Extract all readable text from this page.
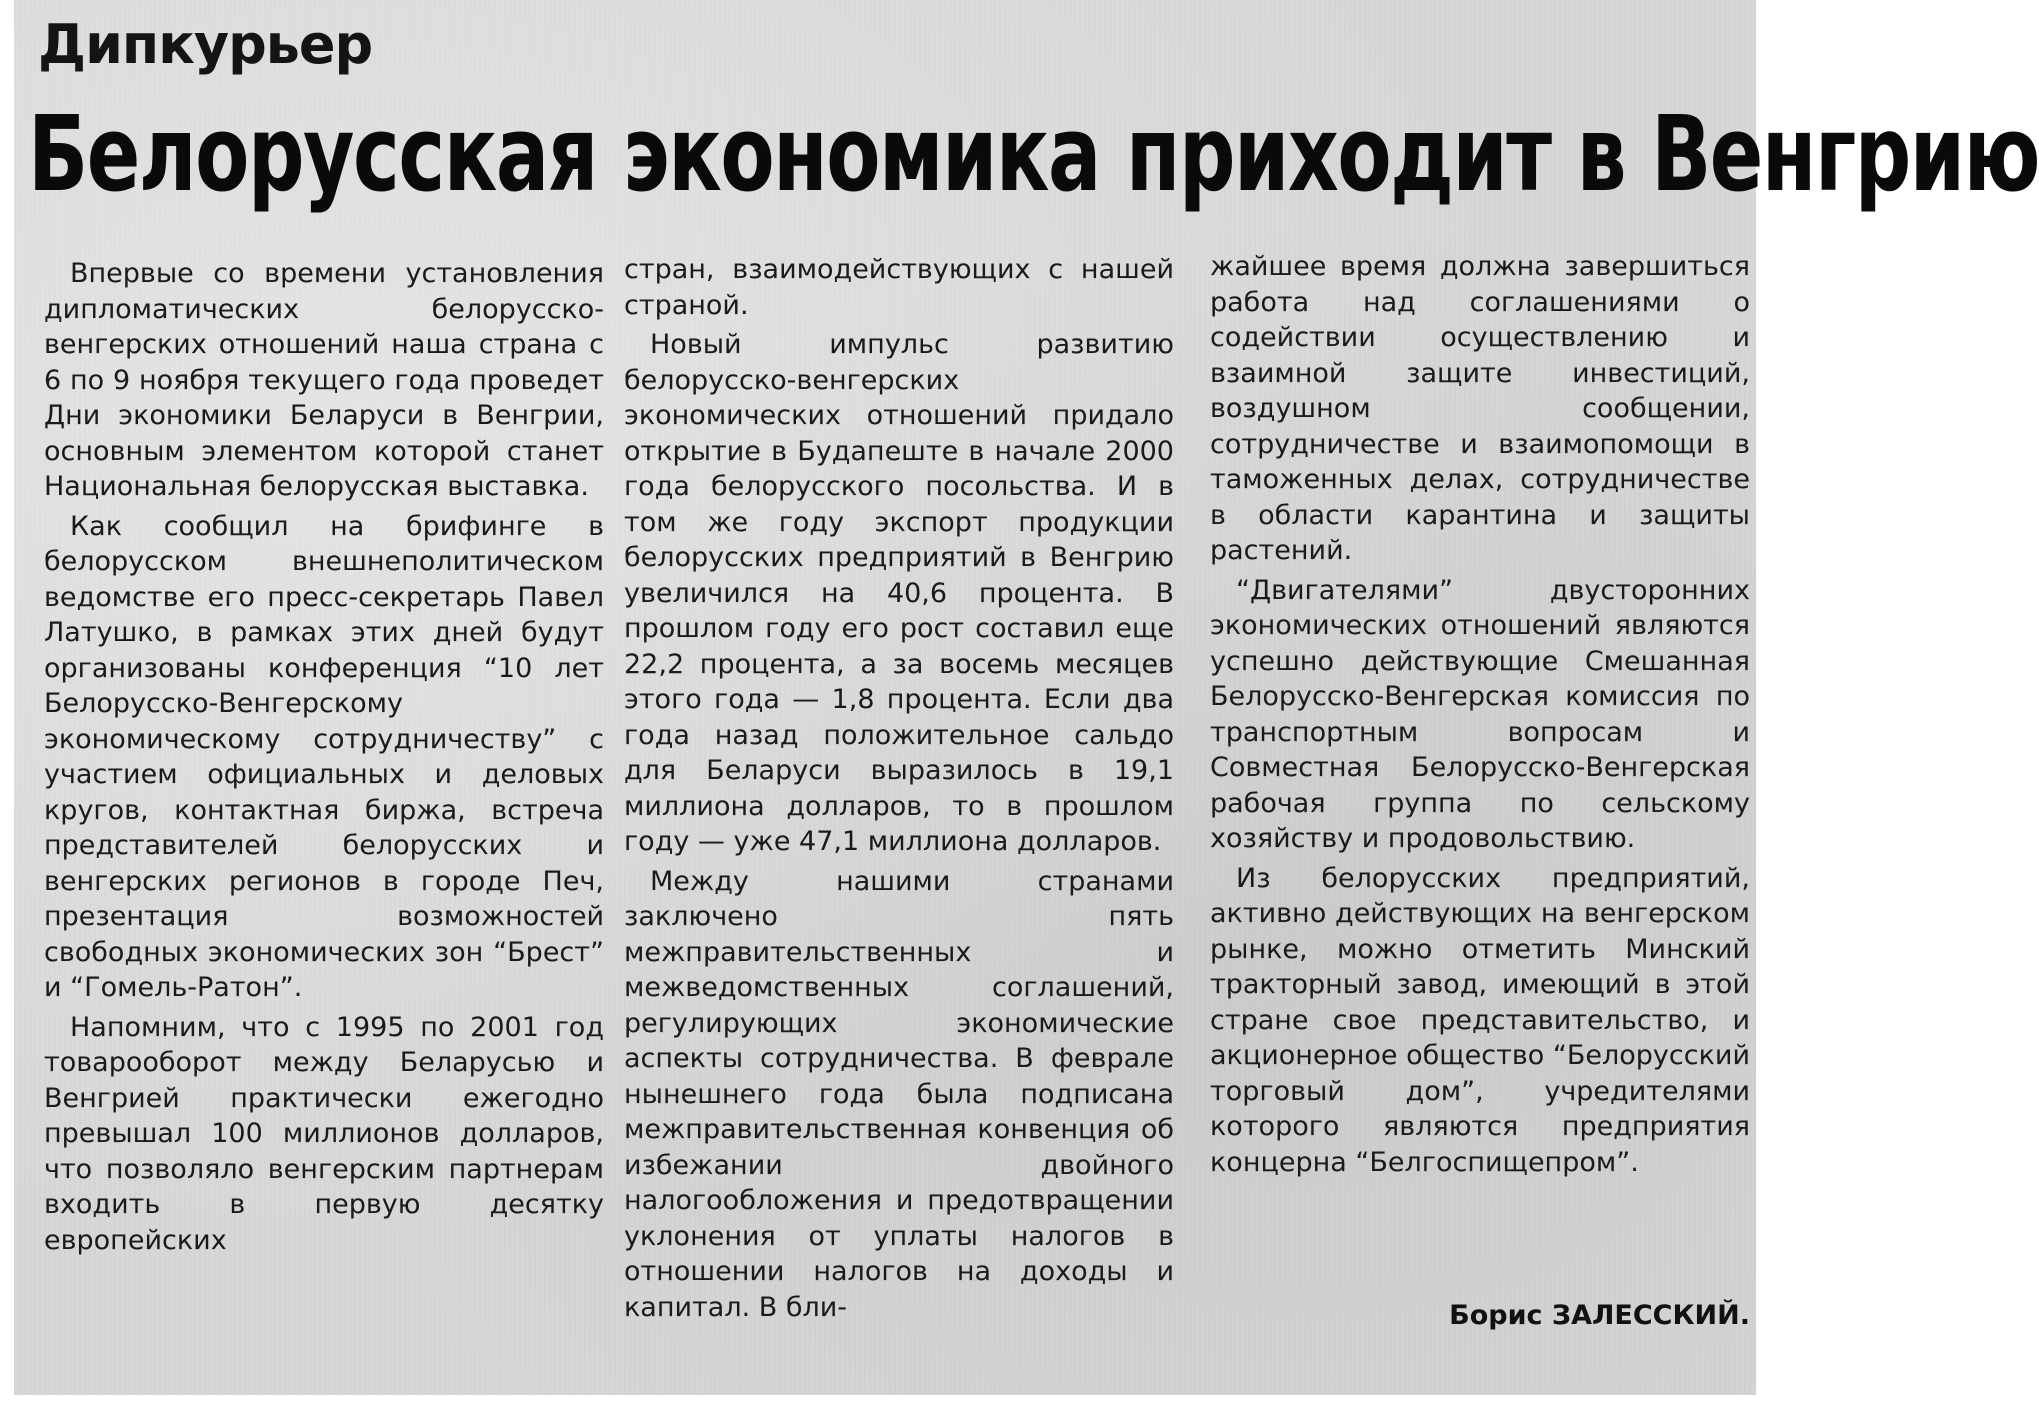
Дипкурьер
Белорусская экономика приходит в Венгрию

Впервые со времени установления дипломатических белорусско-венгерских отношений наша страна с 6 по 9 ноября текущего года проведет Дни экономики Беларуси в Венгрии, основным элементом которой станет Национальная белорусская выставка.

Как сообщил на брифинге в белорусском внешнеполитическом ведомстве его пресс-секретарь Павел Латушко, в рамках этих дней будут организованы конференция “10 лет Белорусско-Венгерскому экономическому сотрудничеству” с участием официальных и деловых кругов, контактная биржа, встреча представителей белорусских и венгерских регионов в городе Печ, презентация возможностей свободных экономических зон “Брест” и “Гомель-Ратон”.

Напомним, что с 1995 по 2001 год товарооборот между Беларусью и Венгрией практически ежегодно превышал 100 миллионов долларов, что позволяло венгерским партнерам входить в первую десятку европейских

стран, взаимодействующих с нашей страной.

Новый импульс развитию белорусско-венгерских экономических отношений придало открытие в Будапеште в начале 2000 года белорусского посольства. И в том же году экспорт продукции белорусских предприятий в Венгрию увеличился на 40,6 процента. В прошлом году его рост составил еще 22,2 процента, а за восемь месяцев этого года — 1,8 процента. Если два года назад положительное сальдо для Беларуси выразилось в 19,1 миллиона долларов, то в прошлом году — уже 47,1 миллиона долларов.

Между нашими странами заключено пять межправительственных и межведомственных соглашений, регулирующих экономические аспекты сотрудничества. В феврале нынешнего года была подписана межправительственная конвенция об избежании двойного налогообложения и предотвращении уклонения от уплаты налогов в отношении налогов на доходы и капитал. В бли-

жайшее время должна завершиться работа над соглашениями о содействии осуществлению и взаимной защите инвестиций, воздушном сообщении, сотрудничестве и взаимопомощи в таможенных делах, сотрудничестве в области карантина и защиты растений.

“Двигателями” двусторонних экономических отношений являются успешно действующие Смешанная Белорусско-Венгерская комиссия по транспортным вопросам и Совместная Белорусско-Венгерская рабочая группа по сельскому хозяйству и продовольствию.

Из белорусских предприятий, активно действующих на венгерском рынке, можно отметить Минский тракторный завод, имеющий в этой стране свое представительство, и акционерное общество “Белорусский торговый дом”, учредителями которого являются предприятия концерна “Белгоспищепром”.

Борис ЗАЛЕССКИЙ.
